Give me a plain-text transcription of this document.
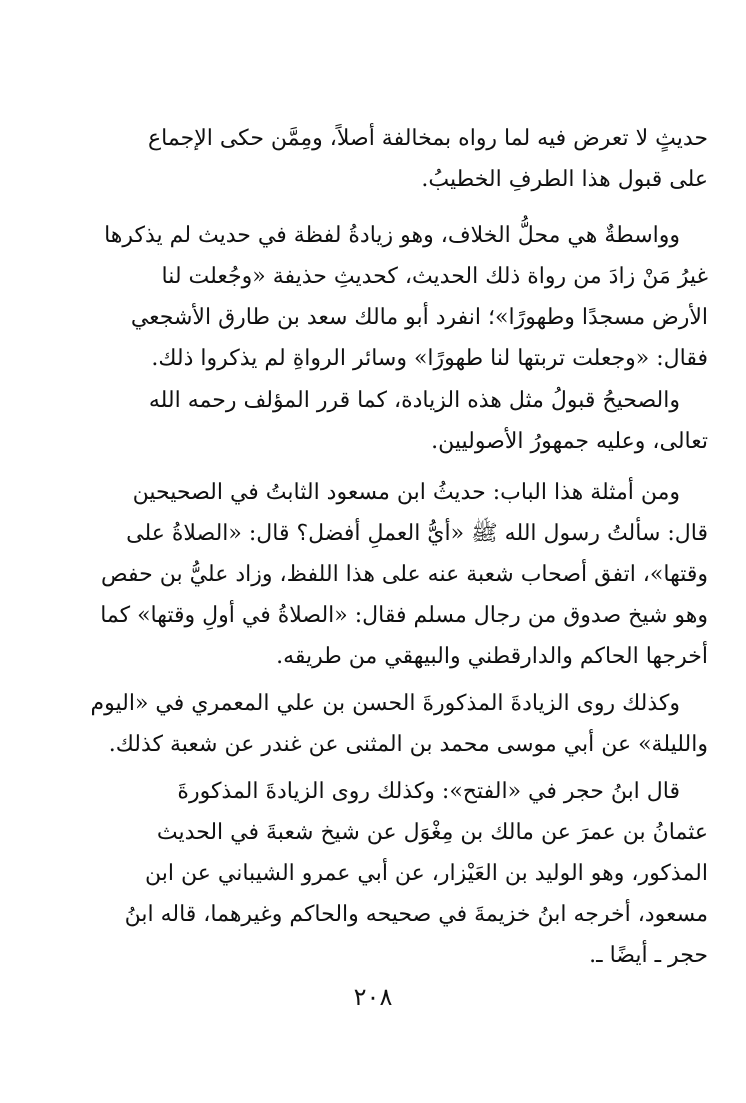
حديثٍ لا تعرض فيه لما رواه بمخالفة أصلاً، ومِمَّن حكى الإجماع
على قبول هذا الطرفِ الخطيبُ.
وواسطةٌ هي محلُّ الخلاف، وهو زيادةُ لفظة في حديث لم يذكرها
غيرُ مَنْ زادَ من رواة ذلك الحديث، كحديثِ حذيفة «وجُعلت لنا
الأرض مسجدًا وطهورًا»؛ انفرد أبو مالك سعد بن طارق الأشجعي
فقال: «وجعلت تربتها لنا طهورًا» وسائر الرواةِ لم يذكروا ذلك.
والصحيحُ قبولُ مثل هذه الزيادة، كما قرر المؤلف رحمه الله
تعالى، وعليه جمهورُ الأصوليين.
ومن أمثلة هذا الباب: حديثُ ابن مسعود الثابتُ في الصحيحين
قال: سألتُ رسول الله ﷺ «أيُّ العملِ أفضل؟ قال: «الصلاةُ على
وقتها»، اتفق أصحاب شعبة عنه على هذا اللفظ، وزاد عليُّ بن حفص
وهو شيخ صدوق من رجال مسلم فقال: «الصلاةُ في أولِ وقتها» كما
أخرجها الحاكم والدارقطني والبيهقي من طريقه.
وكذلك روى الزيادةَ المذكورةَ الحسن بن علي المعمري في «اليوم
والليلة» عن أبي موسى محمد بن المثنى عن غندر عن شعبة كذلك.
قال ابنُ حجر في «الفتح»: وكذلك روى الزيادةَ المذكورةَ
عثمانُ بن عمرَ عن مالك بن مِغْوَل عن شيخ شعبةَ في الحديث
المذكور، وهو الوليد بن العَيْزار، عن أبي عمرو الشيباني عن ابن
مسعود، أخرجه ابنُ خزيمةَ في صحيحه والحاكم وغيرهما، قاله ابنُ
حجر ـ أيضًا ـ.
٢٠٨
